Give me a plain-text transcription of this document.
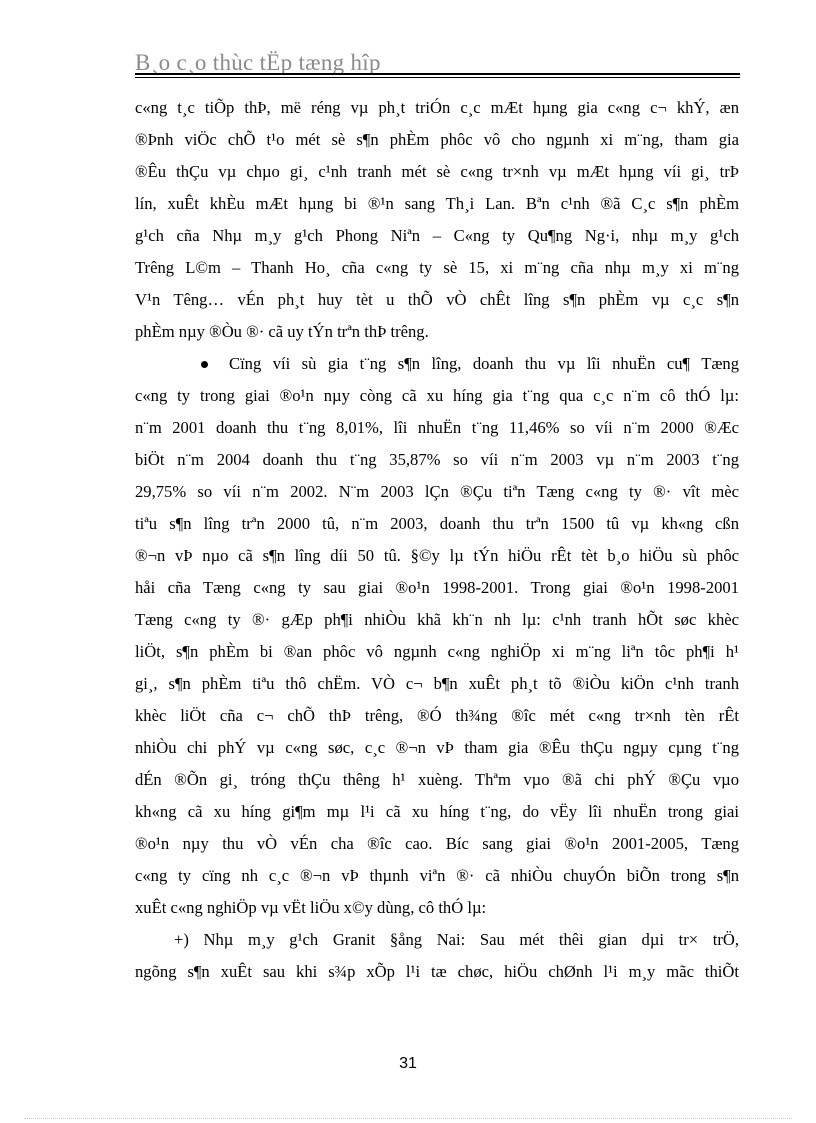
B¸o c¸o thùc tËp tæng hîp
c«ng t¸c tiÕp thÞ, më réng vµ ph¸t triÓn c¸c mÆt hµng gia c«ng c¬ khÝ, æn
®Þnh viÖc chÕ t¹o mét sè s¶n phÈm phôc vô cho ngµnh xi m¨ng, tham gia
®Êu thÇu vµ chµo gi¸ c¹nh tranh mét sè c«ng tr×nh vµ mÆt hµng víi gi¸ trÞ
lín, xuÊt khÈu mÆt hµng bi ®¹n sang Th¸i Lan. Bªn c¹nh ®ã C¸c s¶n phÈm
g¹ch cña Nhµ m¸y g¹ch Phong Niªn – C«ng ty Qu¶ng Ng·i, nhµ m¸y g¹ch
Trêng L©m – Thanh Ho¸ cña c«ng ty sè 15, xi m¨ng cña nhµ m¸y xi m¨ng
V¹n Têng… vÉn ph¸t huy tèt u thÕ vÒ chÊt lîng s¶n phÈm vµ c¸c s¶n
phÈm nµy ®Òu ®· cã uy tÝn trªn thÞ trêng.
Cïng víi sù gia t¨ng s¶n lîng, doanh thu vµ lîi nhuËn cu¶ Tæng
c«ng ty trong giai ®o¹n nµy còng cã xu híng gia t¨ng qua c¸c n¨m cô thÓ lµ:
n¨m 2001 doanh thu t¨ng 8,01%, lîi nhuËn t¨ng 11,46% so víi n¨m 2000 ®Æc
biÖt n¨m 2004 doanh thu t¨ng 35,87% so víi n¨m 2003 vµ n¨m 2003 t¨ng
29,75% so víi n¨m 2002. N¨m 2003 lÇn ®Çu tiªn Tæng c«ng ty ®· vît mèc
tiªu s¶n lîng trªn 2000 tû, n¨m 2003, doanh thu trªn 1500 tû vµ kh«ng cßn
®¬n vÞ nµo cã s¶n lîng díi 50 tû. §©y lµ tÝn hiÖu rÊt tèt b¸o hiÖu sù phôc
håi cña Tæng c«ng ty sau giai ®o¹n 1998-2001. Trong giai ®o¹n 1998-2001
Tæng c«ng ty ®· gÆp ph¶i nhiÒu khã kh¨n nh lµ: c¹nh tranh hÕt søc khèc
liÖt, s¶n phÈm bi ®an phôc vô ngµnh c«ng nghiÖp xi m¨ng liªn tôc ph¶i h¹
gi¸, s¶n phÈm tiªu thô chËm. VÒ c¬ b¶n xuÊt ph¸t tõ ®iÒu kiÖn c¹nh tranh
khèc liÖt cña c¬ chÕ thÞ trêng, ®Ó th¾ng ®îc mét c«ng tr×nh tèn rÊt
nhiÒu chi phÝ vµ c«ng søc, c¸c ®¬n vÞ tham gia ®Êu thÇu ngµy cµng t¨ng
dÉn ®Õn gi¸ tróng thÇu thêng h¹ xuèng. Thªm vµo ®ã chi phÝ ®Çu vµo
kh«ng cã xu híng gi¶m mµ l¹i cã xu híng t¨ng, do vËy lîi nhuËn trong giai
®o¹n nµy thu vÒ vÉn cha ®îc cao. Bíc sang giai ®o¹n 2001-2005, Tæng
c«ng ty cïng nh c¸c ®¬n vÞ thµnh viªn ®· cã nhiÒu chuyÓn biÕn trong s¶n
xuÊt c«ng nghiÖp vµ vËt liÖu x©y dùng, cô thÓ lµ:
+) Nhµ m¸y g¹ch Granit §ång Nai: Sau mét thêi gian dµi tr× trÖ,
ngõng s¶n xuÊt sau khi s¾p xÕp l¹i tæ chøc, hiÖu chØnh l¹i m¸y mãc thiÕt
31
